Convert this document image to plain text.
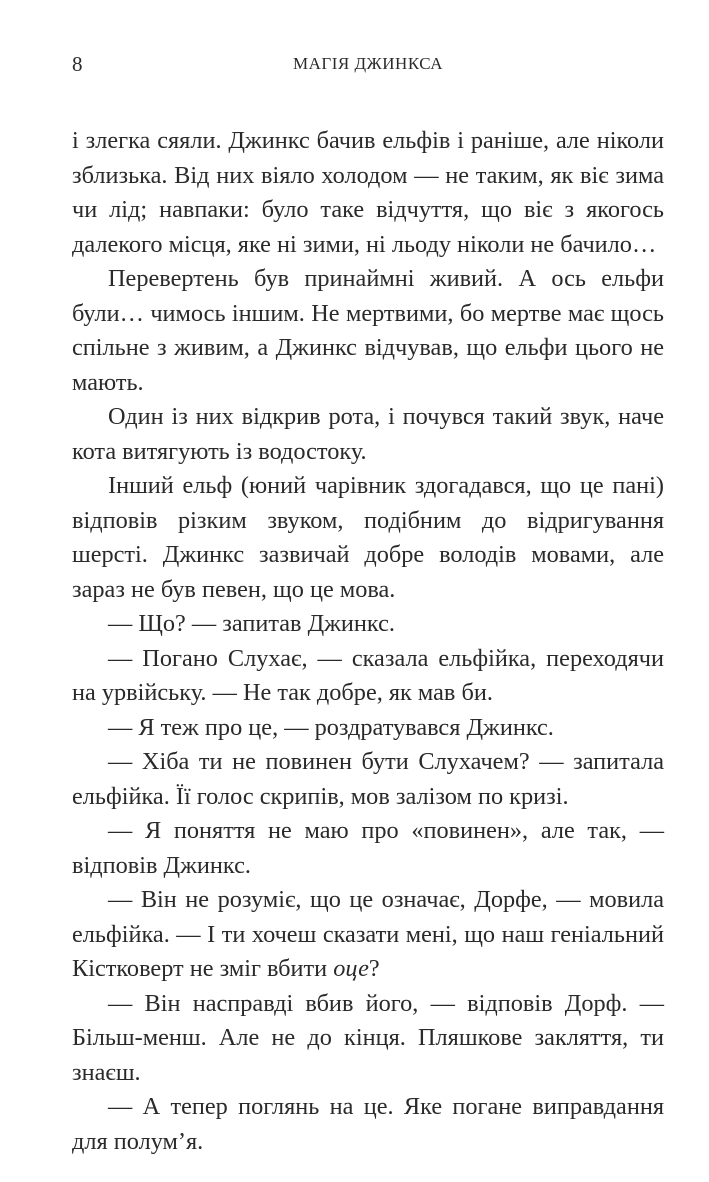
8	МАГІЯ ДЖИНКСА

і злегка сяяли. Джинкс бачив ельфів і раніше, але ніколи зблизька. Від них віяло холодом — не таким, як віє зима чи лід; навпаки: було таке відчуття, що віє з якогось далекого місця, яке ні зими, ні льоду ніколи не бачило…

Перевертень був принаймні живий. А ось ельфи були… чимось іншим. Не мертвими, бо мертве має щось спільне з живим, а Джинкс відчував, що ельфи цього не мають.

Один із них відкрив рота, і почувся такий звук, наче кота витягують із водостоку.

Інший ельф (юний чарівник здогадався, що це пані) відповів різким звуком, подібним до відригування шерсті. Джинкс зазвичай добре володів мовами, але зараз не був певен, що це мова.

— Що? — запитав Джинкс.

— Погано Слухає, — сказала ельфійка, переходячи на урвійську. — Не так добре, як мав би.

— Я теж про це, — роздратувався Джинкс.

— Хіба ти не повинен бути Слухачем? — запитала ельфійка. Її голос скрипів, мов залізом по кризі.

— Я поняття не маю про «повинен», але так, — відповів Джинкс.

— Він не розуміє, що це означає, Дорфе, — мовила ельфійка. — І ти хочеш сказати мені, що наш геніальний Кістковерт не зміг вбити оце?

— Він насправді вбив його, — відповів Дорф. — Більш-менш. Але не до кінця. Пляшкове закляття, ти знаєш.

— А тепер поглянь на це. Яке погане виправдання для полум’я.
